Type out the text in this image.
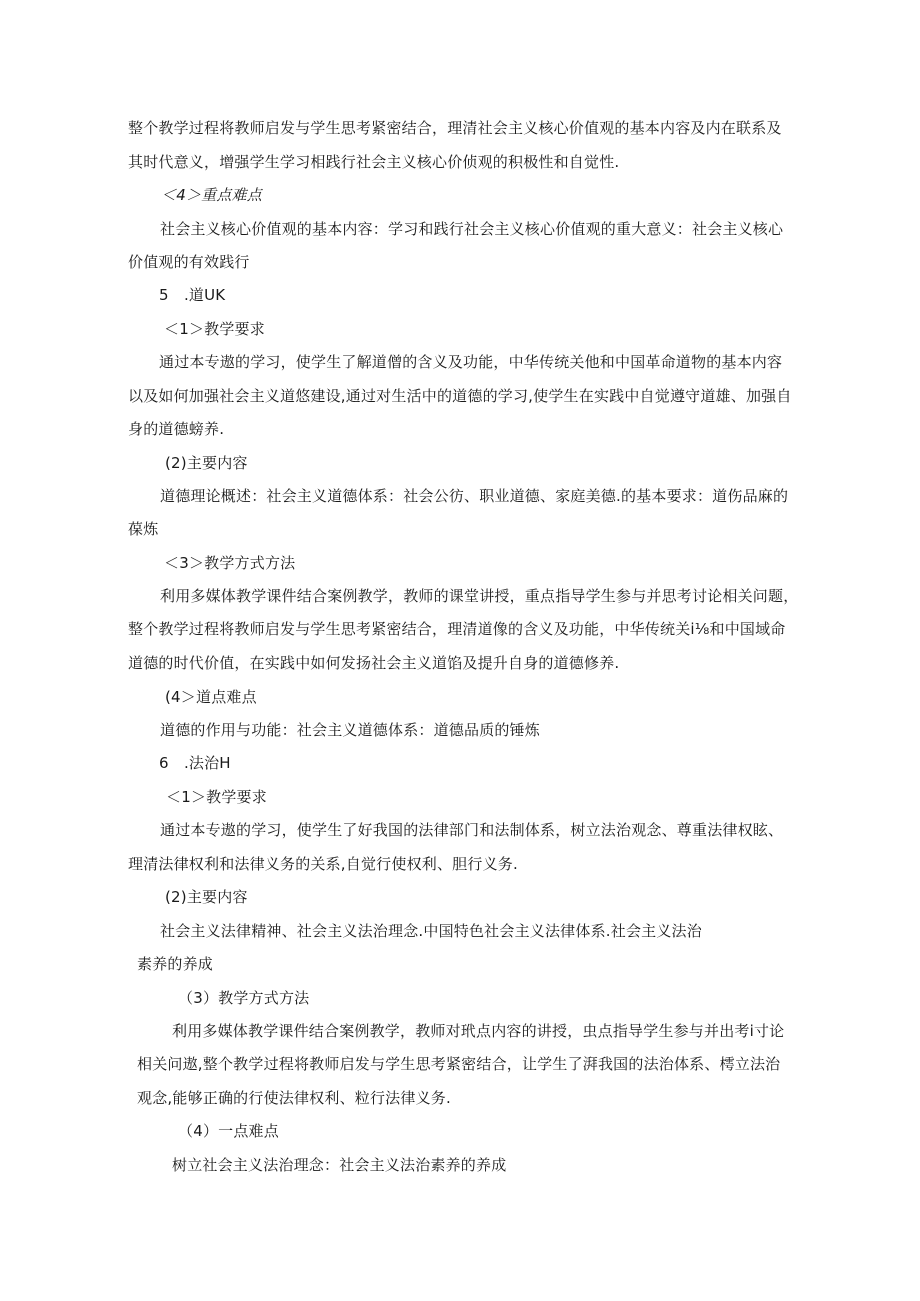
整个教学过程将教师启发与学生思考紧密结合，理清社会主义核心价值观的基本内容及内在联系及
其时代意义，增强学生学习相践行社会主义核心价侦观的积极性和自觉性.
＜4＞重点难点
社会主义核心价值观的基本内容：学习和践行社会主义核心价值观的重大意义：社会主义核心
价值观的有效践行
5　.道UK
＜1＞教学要求
通过本专遨的学习，使学生了解道僧的含义及功能，中华传统关他和中国革命道物的基本内容
以及如何加强社会主义道悠建设,通过对生活中的道德的学习,使学生在实践中自觉遵守道雄、加强自
身的道德螃养.
(2)主要内容
道德理论概述：社会主义道德体系：社会公彷、职业道德、家庭美德.的基本要求：道伤品麻的
葆炼
＜3＞教学方式方法
利用多媒体教学课件结合案例教学，教师的课堂讲授，重点指导学生参与并思考讨论相关问题，
整个教学过程将教师启发与学生思考紧密结合，理清道像的含义及功能，中华传统关i⅛和中国域命
道德的时代价值，在实践中如何发扬社会主义道馅及提升自身的道德修养.
(4＞道点难点
道德的作用与功能：社会主义道德体系：道德品质的锤炼
6　.法治H
＜1＞教学要求
通过本专遨的学习，使学生了好我国的法律部门和法制体系，树立法治观念、尊重法律权眩、
理清法律权利和法律义务的关系,自觉行使权利、胆行义务.
(2)主要内容
社会主义法律精神、社会主义法治理念.中国特色社会主义法律体系.社会主义法治
素养的养成
（3）教学方式方法
利用多媒体教学课件结合案例教学，教师对玳点内容的讲授，虫点指导学生参与并出考i寸论
相关问遨,整个教学过程将教师启发与学生思考紧密结合，让学生了湃我国的法治体系、樗立法治
观念,能够正确的行使法律权利、粒行法律义务.
（4）一点难点
树立社会主义法治理念：社会主义法治素养的养成
